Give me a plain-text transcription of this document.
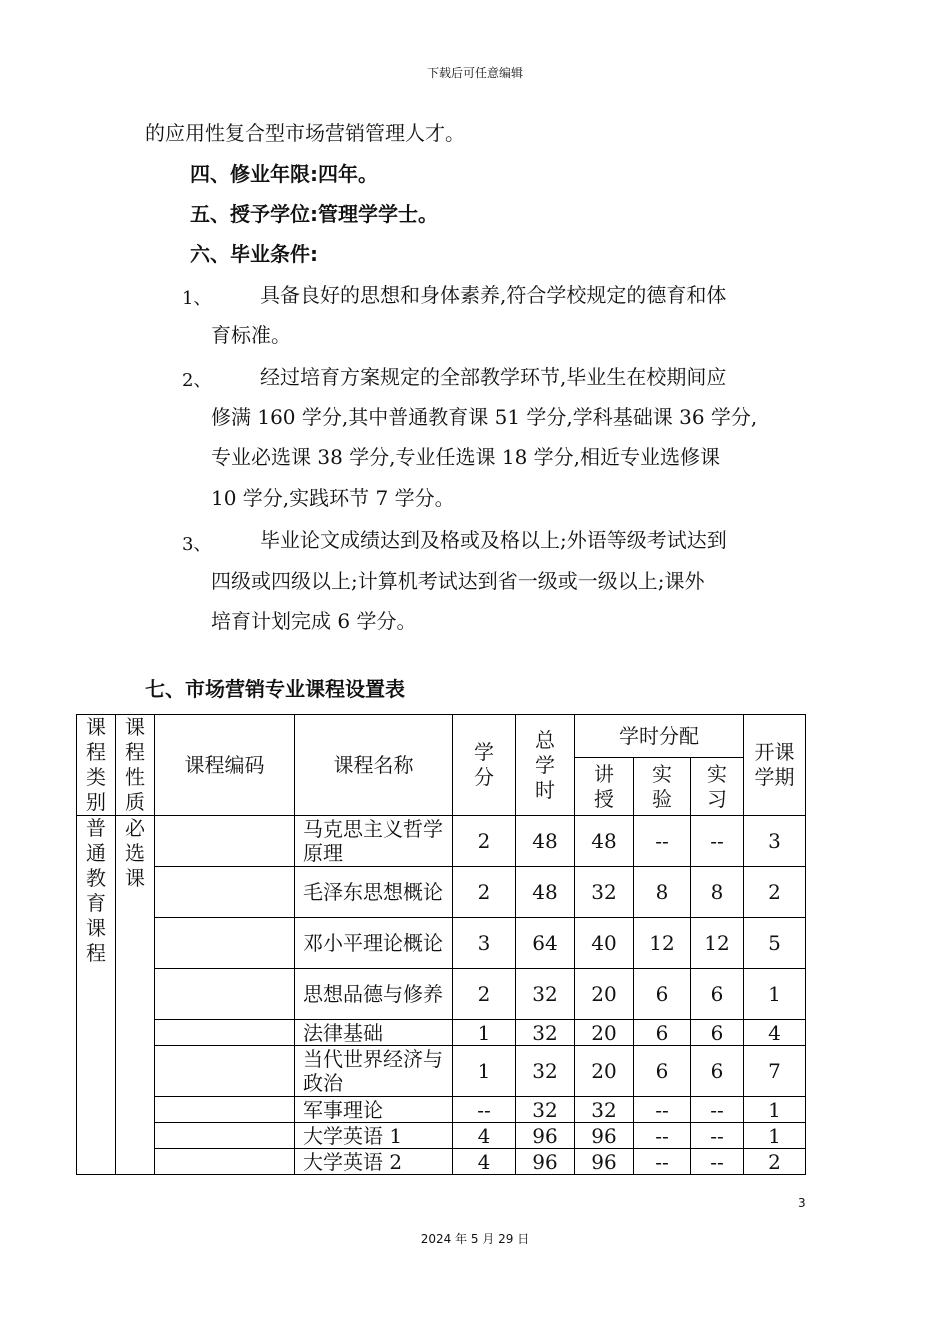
下载后可任意编辑
的应用性复合型市场营销管理人才。
四、修业年限:四年。
五、授予学位:管理学学士。
六、毕业条件:
1、 具备良好的思想和身体素养,符合学校规定的德育和体
育标准。
2、 经过培育方案规定的全部教学环节,毕业生在校期间应
修满 160 学分,其中普通教育课 51 学分,学科基础课 36 学分,
专业必选课 38 学分,专业任选课 18 学分,相近专业选修课
10 学分,实践环节 7 学分。
3、 毕业论文成绩达到及格或及格以上;外语等级考试达到
四级或四级以上;计算机考试达到省一级或一级以上;课外
培育计划完成 6 学分。
七、市场营销专业课程设置表
课程类别	课程性质	课程编码	课程名称	学分	总学时	学时分配			开课学期
						讲授	实验	实习	
普通教育课程	必选课		马克思主义哲学原理	2	48	48	--	--	3
			毛泽东思想概论	2	48	32	8	8	2
			邓小平理论概论	3	64	40	12	12	5
			思想品德与修养	2	32	20	6	6	1
			法律基础	1	32	20	6	6	4
			当代世界经济与政治	1	32	20	6	6	7
			军事理论	--	32	32	--	--	1
			大学英语 1	4	96	96	--	--	1
			大学英语 2	4	96	96	--	--	2
3
2024 年 5 月 29 日
